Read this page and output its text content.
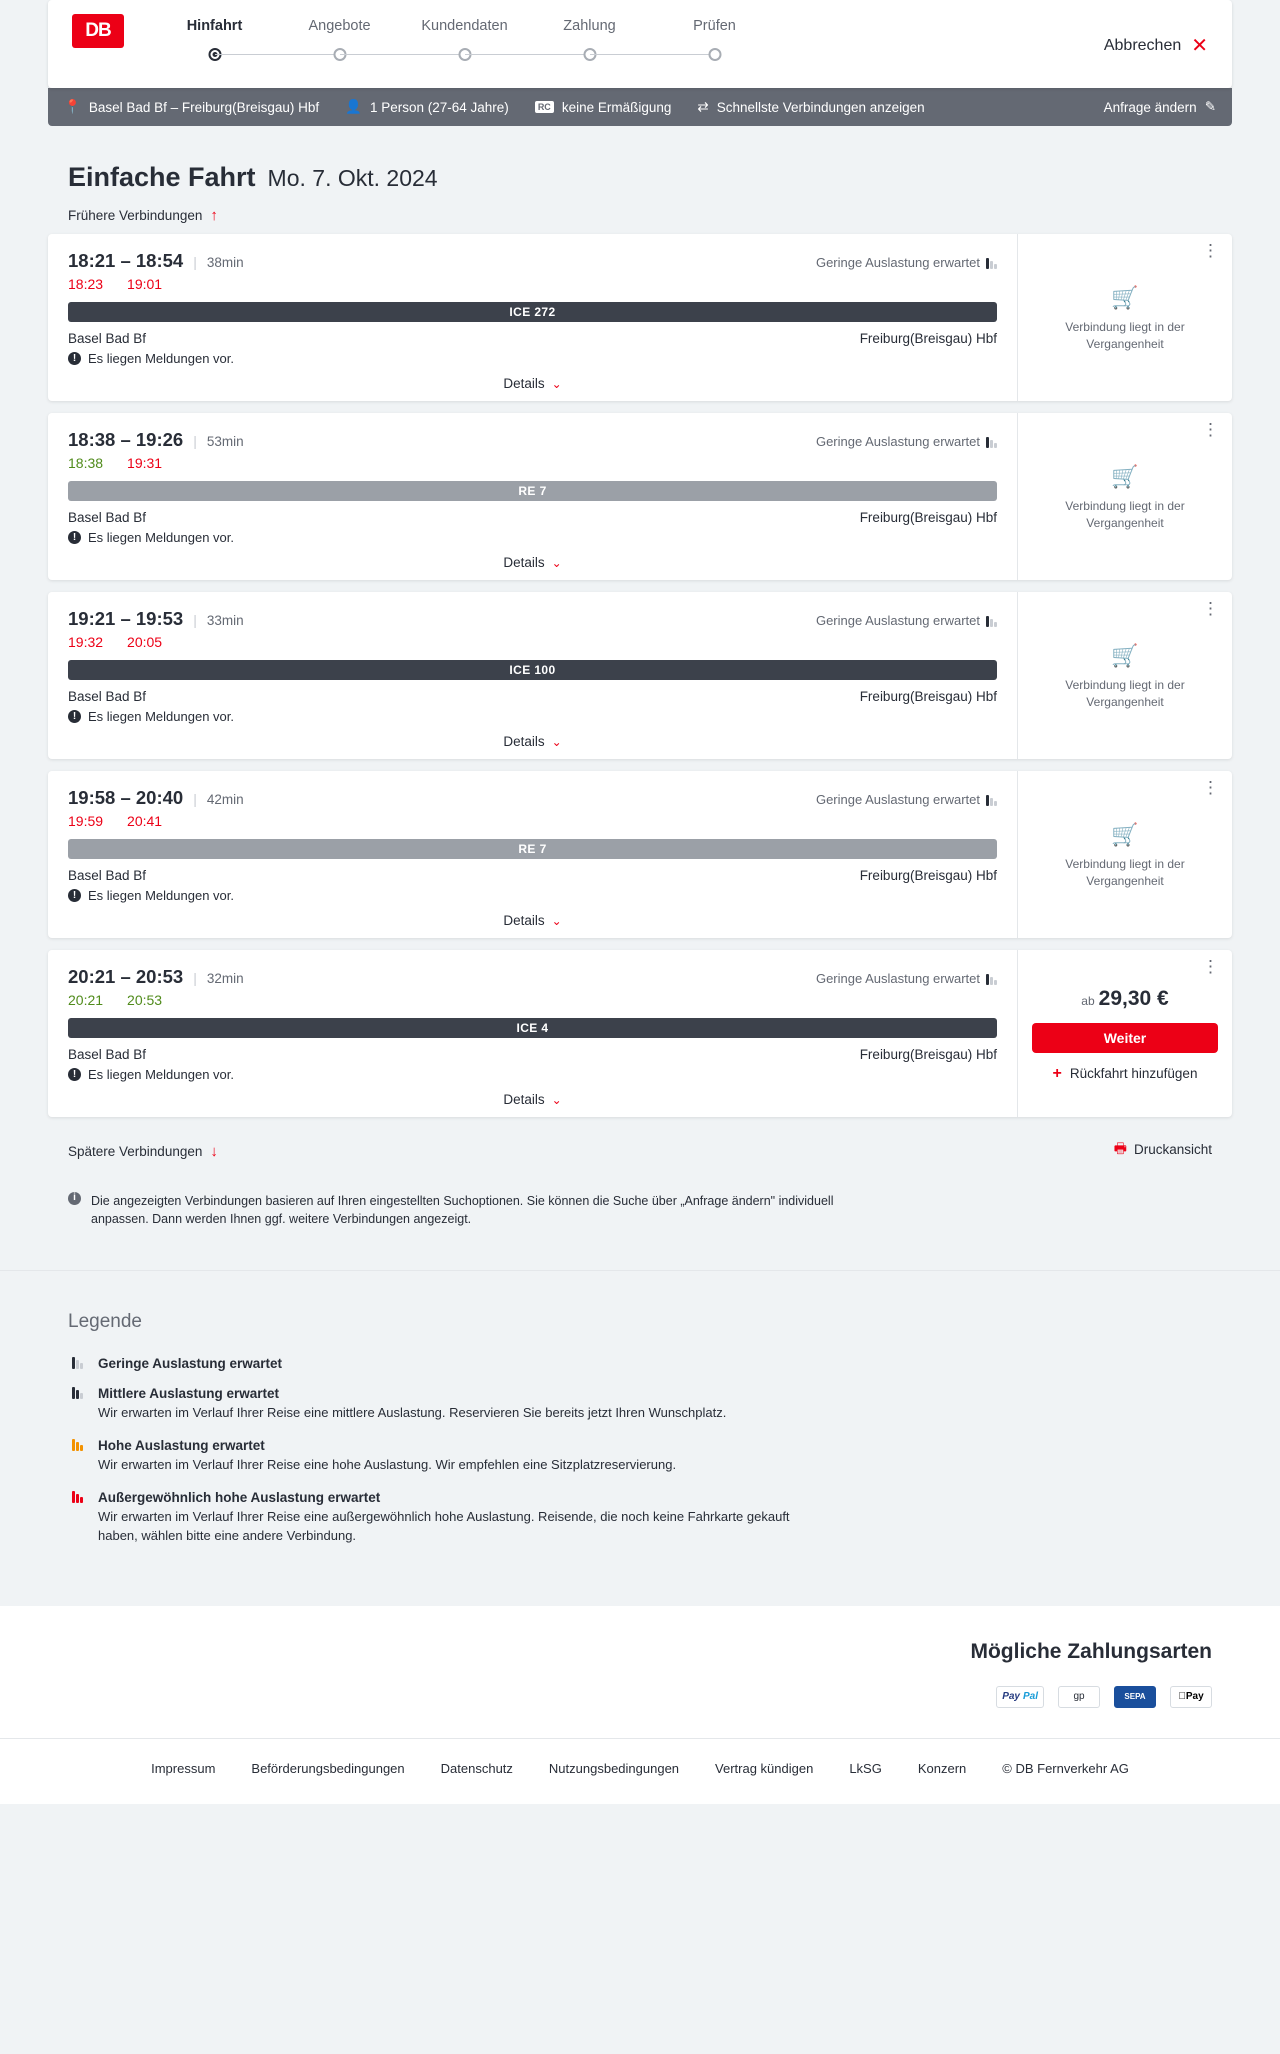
DB	Hinfahrt	Angebote	Kundendaten	Zahlung	Prüfen
Abbrechen ✕
📍 Basel Bad Bf – Freiburg(Breisgau) Hbf 👤 1 Person (27-64 Jahre)	RC keine Ermäßigung ⇄ Schnellste Verbindungen anzeigen	Anfrage ändern ✎
Einfache Fahrt Mo. 7. Okt. 2024
Frühere Verbindungen ↑
18:21 – 18:54 | 38min	Geringe Auslastung erwartet
18:23 19:01
ICE 272
Basel Bad Bf	Freiburg(Breisgau) Hbf
! Es liegen Meldungen vor.
Details ⌄
⋮
🛒
Verbindung liegt in der Vergangenheit
18:38 – 19:26 | 53min	Geringe Auslastung erwartet
18:38 19:31
RE 7
Basel Bad Bf	Freiburg(Breisgau) Hbf
! Es liegen Meldungen vor.
Details ⌄
⋮
🛒
Verbindung liegt in der Vergangenheit
19:21 – 19:53 | 33min	Geringe Auslastung erwartet
19:32 20:05
ICE 100
Basel Bad Bf	Freiburg(Breisgau) Hbf
! Es liegen Meldungen vor.
Details ⌄
⋮
🛒
Verbindung liegt in der Vergangenheit
19:58 – 20:40 | 42min	Geringe Auslastung erwartet
19:59 20:41
RE 7
Basel Bad Bf	Freiburg(Breisgau) Hbf
! Es liegen Meldungen vor.
Details ⌄
⋮
🛒
Verbindung liegt in der Vergangenheit
20:21 – 20:53 | 32min	Geringe Auslastung erwartet
20:21 20:53
ICE 4
Basel Bad Bf	Freiburg(Breisgau) Hbf
! Es liegen Meldungen vor.
Details ⌄
⋮
ab 29,30 €
Weiter
+ Rückfahrt hinzufügen
Spätere Verbindungen ↓	🖶 Druckansicht
i	Die angezeigten Verbindungen basieren auf Ihren eingestellten Suchoptionen. Sie können die Suche über „Anfrage ändern" individuell anpassen. Dann werden Ihnen ggf. weitere Verbindungen angezeigt.
Legende
Geringe Auslastung erwartet
Mittlere Auslastung erwartet

Wir erwarten im Verlauf Ihrer Reise eine mittlere Auslastung. Reservieren Sie bereits jetzt Ihren Wunschplatz.

Hohe Auslastung erwartet

Wir erwarten im Verlauf Ihrer Reise eine hohe Auslastung. Wir empfehlen eine Sitzplatzreservierung.

Außergewöhnlich hohe Auslastung erwartet

Wir erwarten im Verlauf Ihrer Reise eine außergewöhnlich hohe Auslastung. Reisende, die noch keine Fahrkarte gekauft haben, wählen bitte eine andere Verbindung.

Mögliche Zahlungsarten
Pay Pal	gp	SEPA	Pay
Impressum	Beförderungsbedingungen	Datenschutz	Nutzungsbedingungen	Vertrag kündigen	LkSG	Konzern	© DB Fernverkehr AG
